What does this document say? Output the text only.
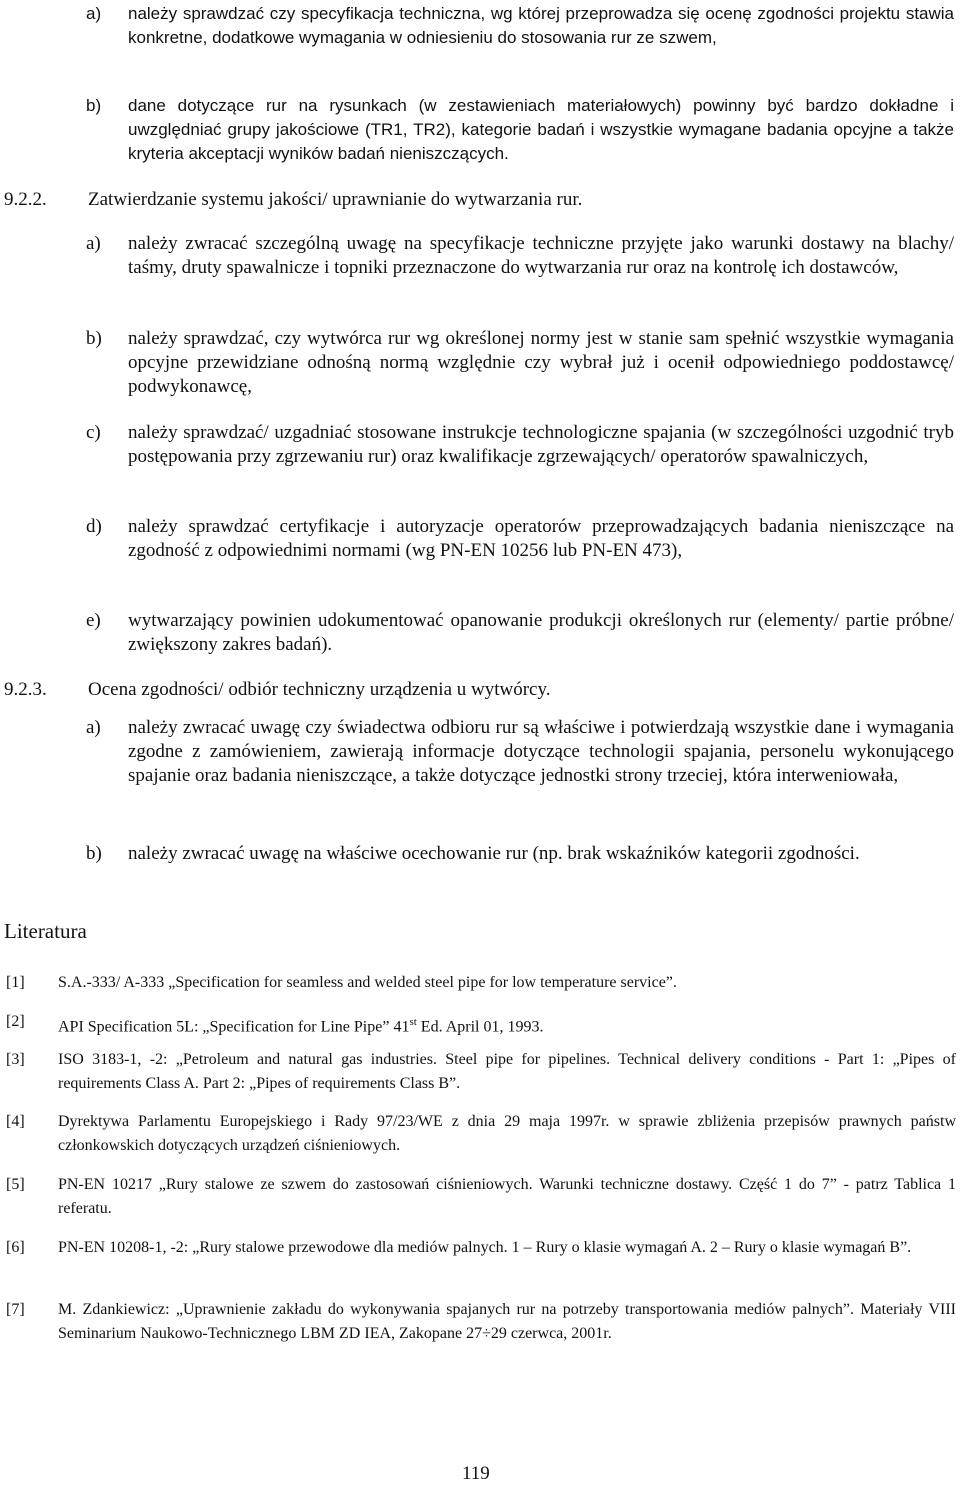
a) należy sprawdzać czy specyfikacja techniczna, wg której przeprowadza się ocenę zgodności projektu stawia konkretne, dodatkowe wymagania w odniesieniu do stosowania rur ze szwem,
b) dane dotyczące rur na rysunkach (w zestawieniach materiałowych) powinny być bardzo dokładne i uwzględniać grupy jakościowe (TR1, TR2), kategorie badań i wszystkie wymagane badania opcyjne a także kryteria akceptacji wyników badań nieniszczących.
9.2.2. Zatwierdzanie systemu jakości/ uprawnianie do wytwarzania rur.
a) należy zwracać szczególną uwagę na specyfikacje techniczne przyjęte jako warunki dostawy na blachy/ taśmy, druty spawalnicze i topniki przeznaczone do wytwarzania rur oraz na kontrolę ich dostawców,
b) należy sprawdzać, czy wytwórca rur wg określonej normy jest w stanie sam spełnić wszystkie wymagania opcyjne przewidziane odnośną normą względnie czy wybrał już i ocenił odpowiedniego poddostawcę/ podwykonawcę,
c) należy sprawdzać/ uzgadniać stosowane instrukcje technologiczne spajania (w szczególności uzgodnić tryb postępowania przy zgrzewaniu rur) oraz kwalifikacje zgrzewających/ operatorów spawalniczych,
d) należy sprawdzać certyfikacje i autoryzacje operatorów przeprowadzających badania nieniszczące na zgodność z odpowiednimi normami (wg PN-EN 10256 lub PN-EN 473),
e) wytwarzający powinien udokumentować opanowanie produkcji określonych rur (elementy/ partie próbne/ zwiększony zakres badań).
9.2.3. Ocena zgodności/ odbiór techniczny urządzenia u wytwórcy.
a) należy zwracać uwagę czy świadectwa odbioru rur są właściwe i potwierdzają wszystkie dane i wymagania zgodne z zamówieniem, zawierają informacje dotyczące technologii spajania, personelu wykonującego spajanie oraz badania nieniszczące, a także dotyczące jednostki strony trzeciej, która interweniowała,
b) należy zwracać uwagę na właściwe ocechowanie rur (np. brak wskaźników kategorii zgodności.
Literatura
[1] S.A.-333/ A-333 „Specification for seamless and welded steel pipe for low temperature service”.
[2] API Specification 5L: „Specification for Line Pipe” 41st Ed. April 01, 1993.
[3] ISO 3183-1, -2: „Petroleum and natural gas industries. Steel pipe for pipelines. Technical delivery conditions - Part 1: „Pipes of requirements Class A. Part 2: „Pipes of requirements Class B”.
[4] Dyrektywa Parlamentu Europejskiego i Rady 97/23/WE z dnia 29 maja 1997r. w sprawie zbliżenia przepisów prawnych państw członkowskich dotyczących urządzeń ciśnieniowych.
[5] PN-EN 10217 „Rury stalowe ze szwem do zastosowań ciśnieniowych. Warunki techniczne dostawy. Część 1 do 7” - patrz Tablica 1 referatu.
[6] PN-EN 10208-1, -2: „Rury stalowe przewodowe dla mediów palnych. 1 – Rury o klasie wymagań A. 2 – Rury o klasie wymagań B”.
[7] M. Zdankiewicz: „Uprawnienie zakładu do wykonywania spajanych rur na potrzeby transportowania mediów palnych”. Materiały VIII Seminarium Naukowo-Technicznego LBM ZD IEA, Zakopane 27÷29 czerwca, 2001r.
119
